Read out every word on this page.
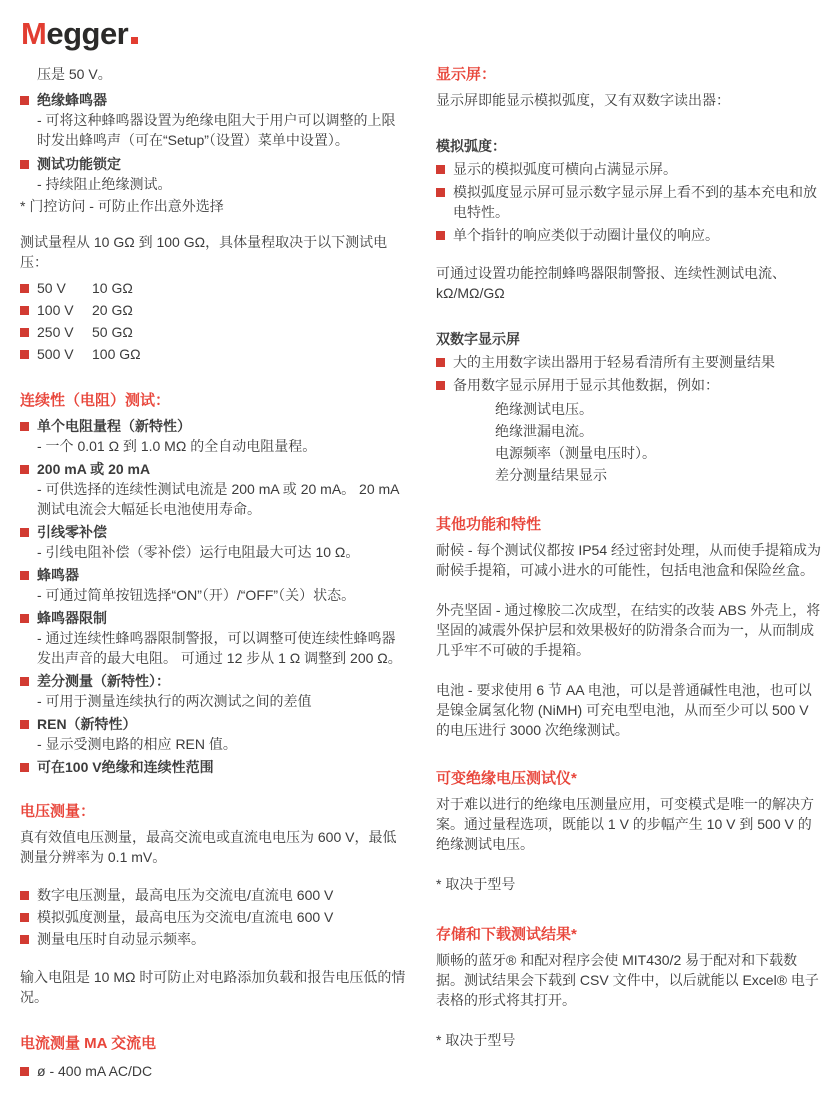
Megger

压是 50 V。

绝缘蜂鸣器
- 可将这种蜂鸣器设置为绝缘电阻大于用户可以调整的上限时发出蜂鸣声（可在“Setup”（设置）菜单中设置）。
测试功能锁定
- 持续阻止绝缘测试。

* 门控访问 - 可防止作出意外选择

测试量程从 10 GΩ 到 100 GΩ，具体量程取决于以下测试电压：

50 V 10 GΩ
100 V 20 GΩ
250 V 50 GΩ
500 V 100 GΩ
连续性（电阻）测试：
单个电阻量程（新特性）
- 一个 0.01 Ω 到 1.0 MΩ 的全自动电阻量程。
200 mA 或 20 mA
- 可供选择的连续性测试电流是 200 mA 或 20 mA。 20 mA 测试电流会大幅延长电池使用寿命。
引线零补偿
- 引线电阻补偿（零补偿）运行电阻最大可达 10 Ω。
蜂鸣器
- 可通过简单按钮选择“ON”（开）/“OFF”（关）状态。
蜂鸣器限制
- 通过连续性蜂鸣器限制警报，可以调整可使连续性蜂鸣器发出声音的最大电阻。 可通过 12 步从 1 Ω 调整到 200 Ω。
差分测量（新特性）：
- 可用于测量连续执行的两次测试之间的差值
REN（新特性）
- 显示受测电路的相应 REN 值。
可在100 V绝缘和连续性范围
电压测量：

真有效值电压测量，最高交流电或直流电电压为 600 V，最低测量分辨率为 0.1 mV。

数字电压测量，最高电压为交流电/直流电 600 V
模拟弧度测量，最高电压为交流电/直流电 600 V
测量电压时自动显示频率。

输入电阻是 10 MΩ 时可防止对电路添加负载和报告电压低的情况。

电流测量 MA 交流电
ø - 400 mA AC/DC
显示屏：

显示屏即能显示模拟弧度，又有双数字读出器：

模拟弧度：

显示的模拟弧度可横向占满显示屏。
模拟弧度显示屏可显示数字显示屏上看不到的基本充电和放电特性。
单个指针的响应类似于动圈计量仪的响应。

可通过设置功能控制蜂鸣器限制警报、连续性测试电流、kΩ/MΩ/GΩ

双数字显示屏

大的主用数字读出器用于轻易看清所有主要测量结果
备用数字显示屏用于显示其他数据，例如：

绝缘测试电压。

绝缘泄漏电流。

电源频率（测量电压时）。

差分测量结果显示

其他功能和特性

耐候 - 每个测试仪都按 IP54 经过密封处理，从而使手提箱成为耐候手提箱，可减小进水的可能性，包括电池盒和保险丝盒。

外壳坚固 - 通过橡胶二次成型，在结实的改装 ABS 外壳上，将坚固的减震外保护层和效果极好的防滑条合而为一，从而制成几乎牢不可破的手提箱。

电池 - 要求使用 6 节 AA 电池，可以是普通碱性电池，也可以是镍金属氢化物 (NiMH) 可充电型电池，从而至少可以 500 V 的电压进行 3000 次绝缘测试。

可变绝缘电压测试仪*

对于难以进行的绝缘电压测量应用，可变模式是唯一的解决方案。通过量程选项，既能以 1 V 的步幅产生 10 V 到 500 V 的绝缘测试电压。

* 取决于型号

存储和下载测试结果*

顺畅的蓝牙® 和配对程序会使 MIT430/2 易于配对和下载数据。测试结果会下载到 CSV 文件中，以后就能以 Excel® 电子表格的形式将其打开。

* 取决于型号
